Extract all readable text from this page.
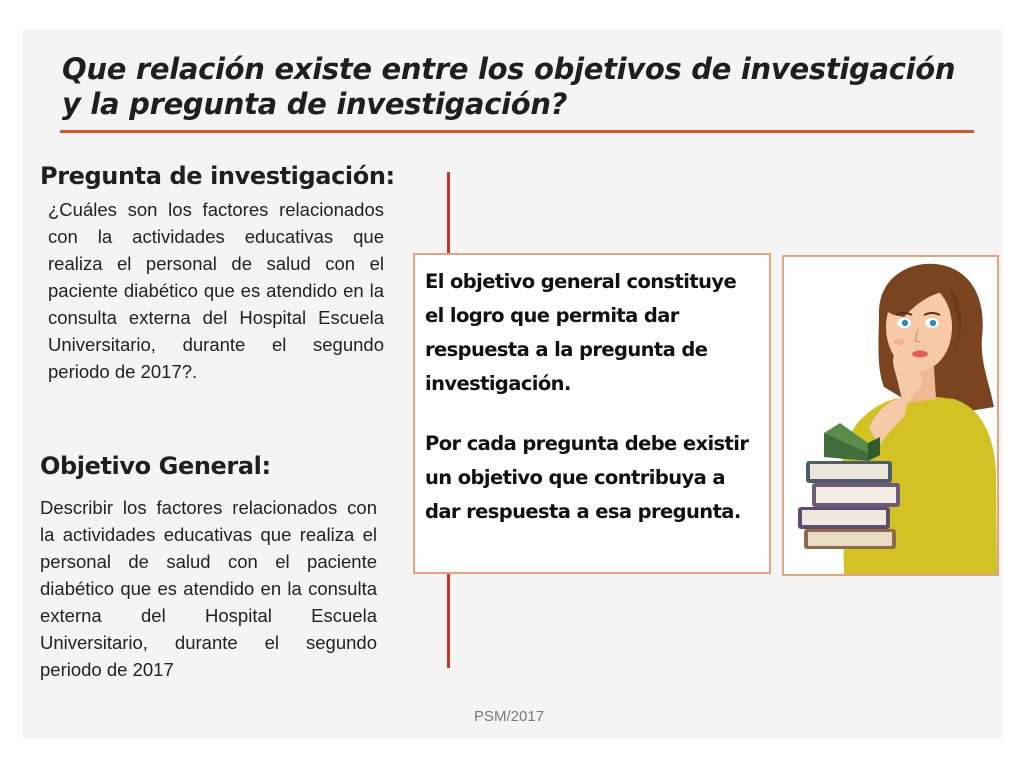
Que relación existe entre los objetivos de investigación y la pregunta de investigación?
Pregunta de investigación:
¿Cuáles son los factores relacionados con la actividades educativas que realiza el personal de salud con el paciente diabético que es atendido en la consulta externa del Hospital Escuela Universitario, durante el segundo periodo de 2017?.
Objetivo General:
Describir los factores relacionados con la actividades educativas que realiza el personal de salud con el paciente diabético que es atendido en la consulta externa del Hospital Escuela Universitario, durante el segundo periodo de 2017

El objetivo general constituye el logro que permita dar respuesta a la pregunta de investigación.

Por cada pregunta debe existir un objetivo que contribuya a dar respuesta a esa pregunta.

PSM/2017
